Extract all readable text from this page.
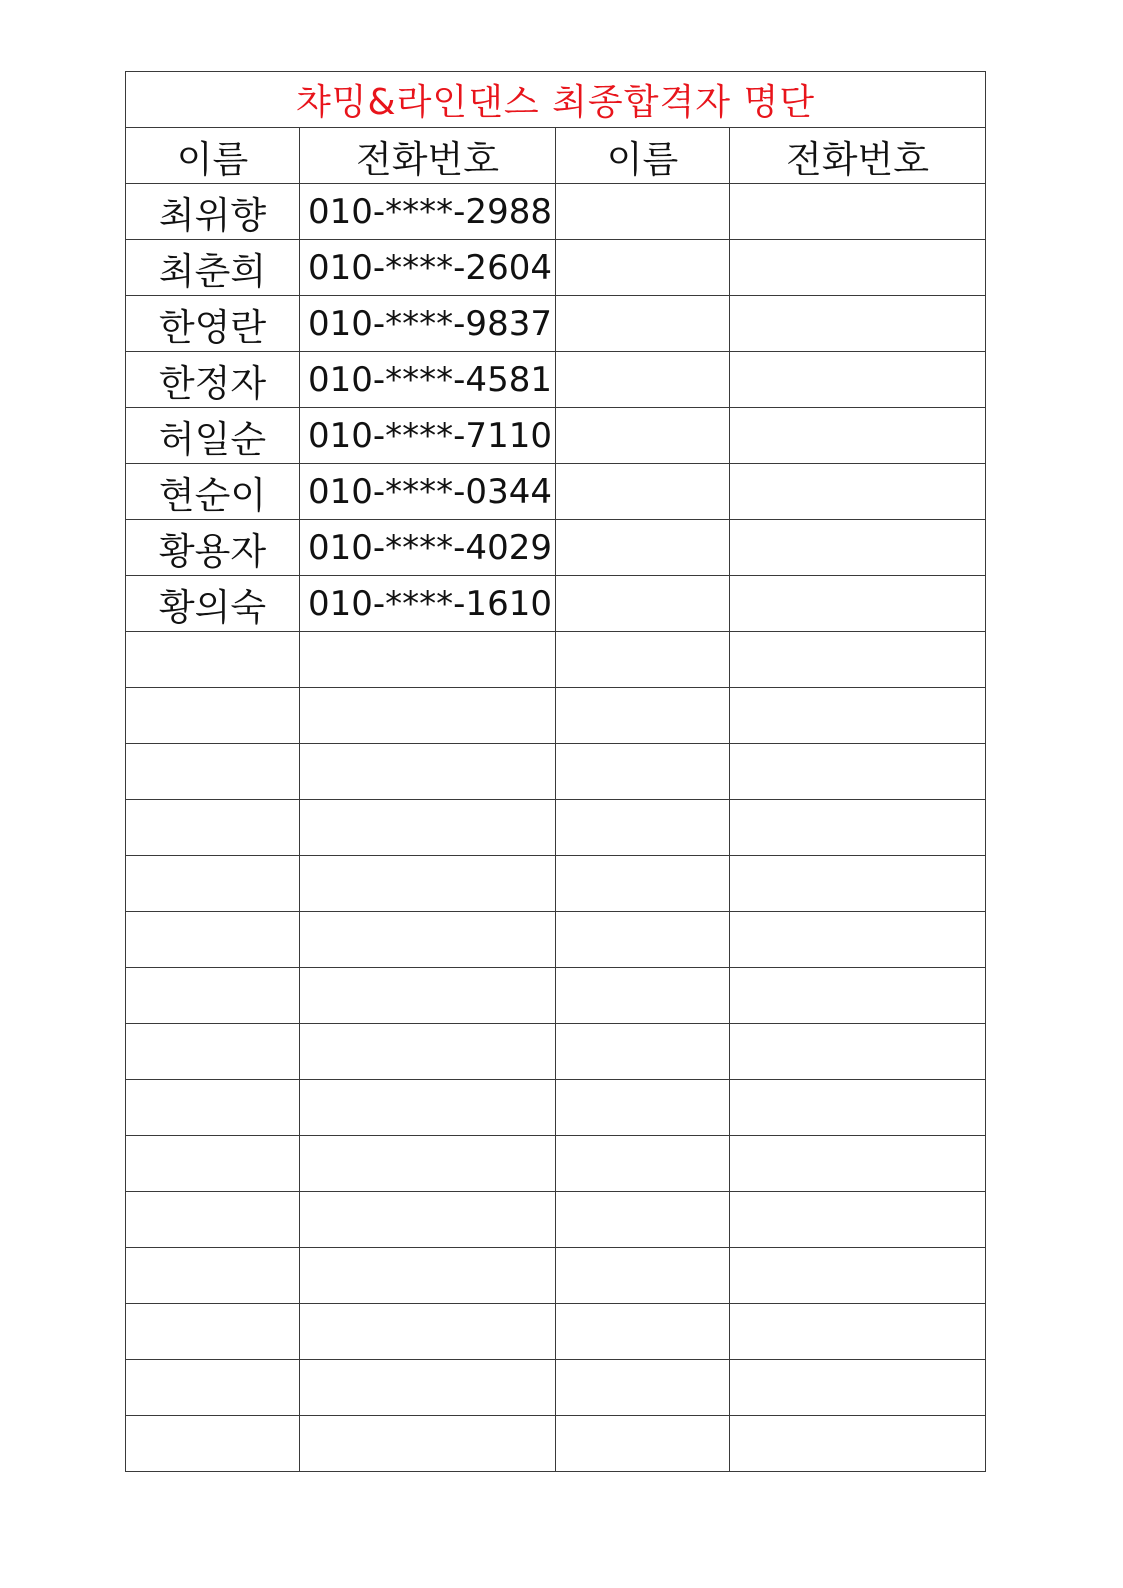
챠밍&라인댄스 최종합격자 명단			
이름	전화번호	이름	전화번호
최위향	010-****-2988		
최춘희	010-****-2604		
한영란	010-****-9837		
한정자	010-****-4581		
허일순	010-****-7110		
현순이	010-****-0344		
황용자	010-****-4029		
황의숙	010-****-1610		
